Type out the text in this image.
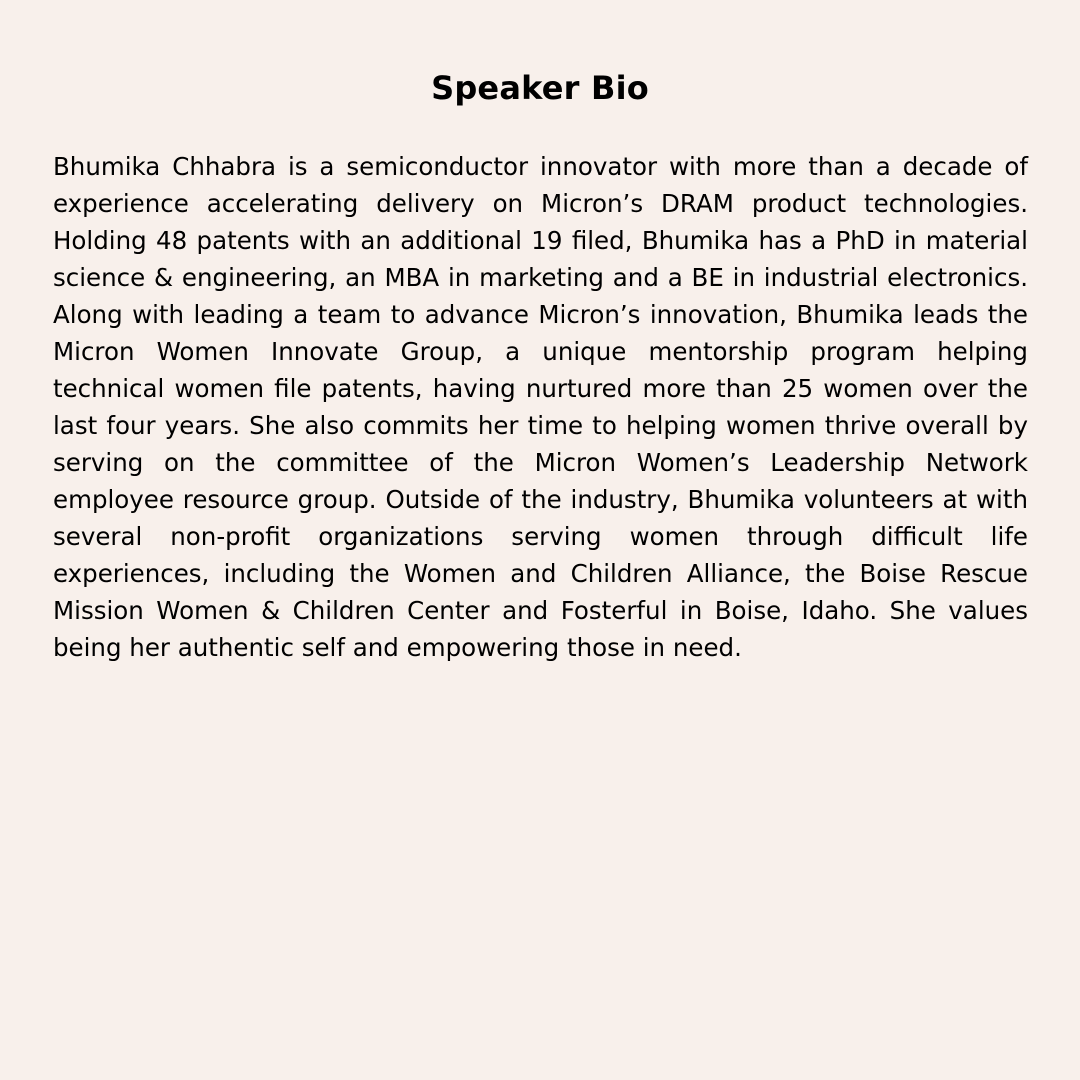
Speaker Bio

Bhumika Chhabra is a semiconductor innovator with more than a decade of experience accelerating delivery on Micron’s DRAM product technologies. Holding 48 patents with an additional 19 filed, Bhumika has a PhD in material science & engineering, an MBA in marketing and a BE in industrial electronics. Along with leading a team to advance Micron’s innovation, Bhumika leads the Micron Women Innovate Group, a unique mentorship program helping technical women file patents, having nurtured more than 25 women over the last four years. She also commits her time to helping women thrive overall by serving on the committee of the Micron Women’s Leadership Network employee resource group. Outside of the industry, Bhumika volunteers at with several non-profit organizations serving women through difficult life experiences, including the Women and Children Alliance, the Boise Rescue Mission Women & Children Center and Fosterful in Boise, Idaho. She values being her authentic self and empowering those in need.
